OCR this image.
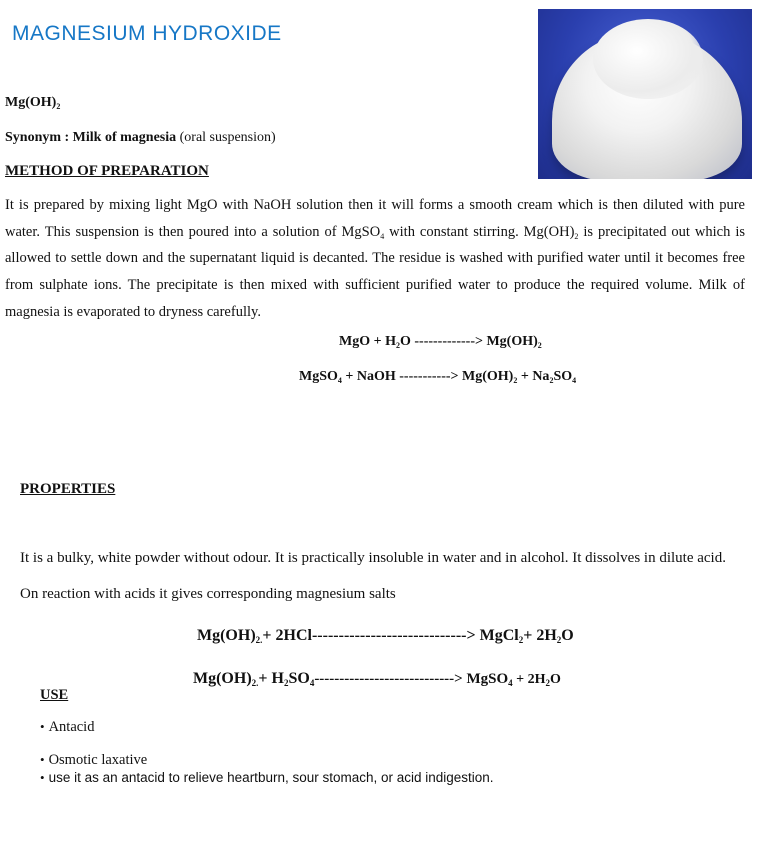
MAGNESIUM HYDROXIDE
$Mg(OH)_2$
Synonym : Milk of magnesia (oral suspension)
METHOD OF PREPARATION
It is prepared by mixing light MgO with NaOH solution then it will forms a smooth cream which is then diluted with pure water. This suspension is then poured into a solution of MgSO$_4$ with constant stirring. $Mg(OH)_2$ is precipitated out which is allowed to settle down and the supernatant liquid is decanted. The residue is washed with purified water until it becomes free from sulphate ions. The precipitate is then mixed with sufficient purified water to produce the required volume. Milk of magnesia is evaporated to dryness carefully.
MgO + $H_2O$ -------------> $Mg(OH)_2$
MgSO$_4$ + NaOH -----------> $Mg(OH)_2 + Na_2SO_4$
PROPERTIES
It is a bulky, white powder without odour. It is practically insoluble in water and in alcohol. It dissolves in dilute acid.
On reaction with acids it gives corresponding magnesium salts
$Mg(OH)_{2.}+ 2HCl----------------------------->$ MgCl$_2$+ $2H_2O$
$Mg(OH)_{2.}+ H_2SO_4---------------------------->$ MgSO$_4$ + $2H_2O$
USE
• Antacid
• Osmotic laxative
• use it as an antacid to relieve heartburn, sour stomach, or acid indigestion.
